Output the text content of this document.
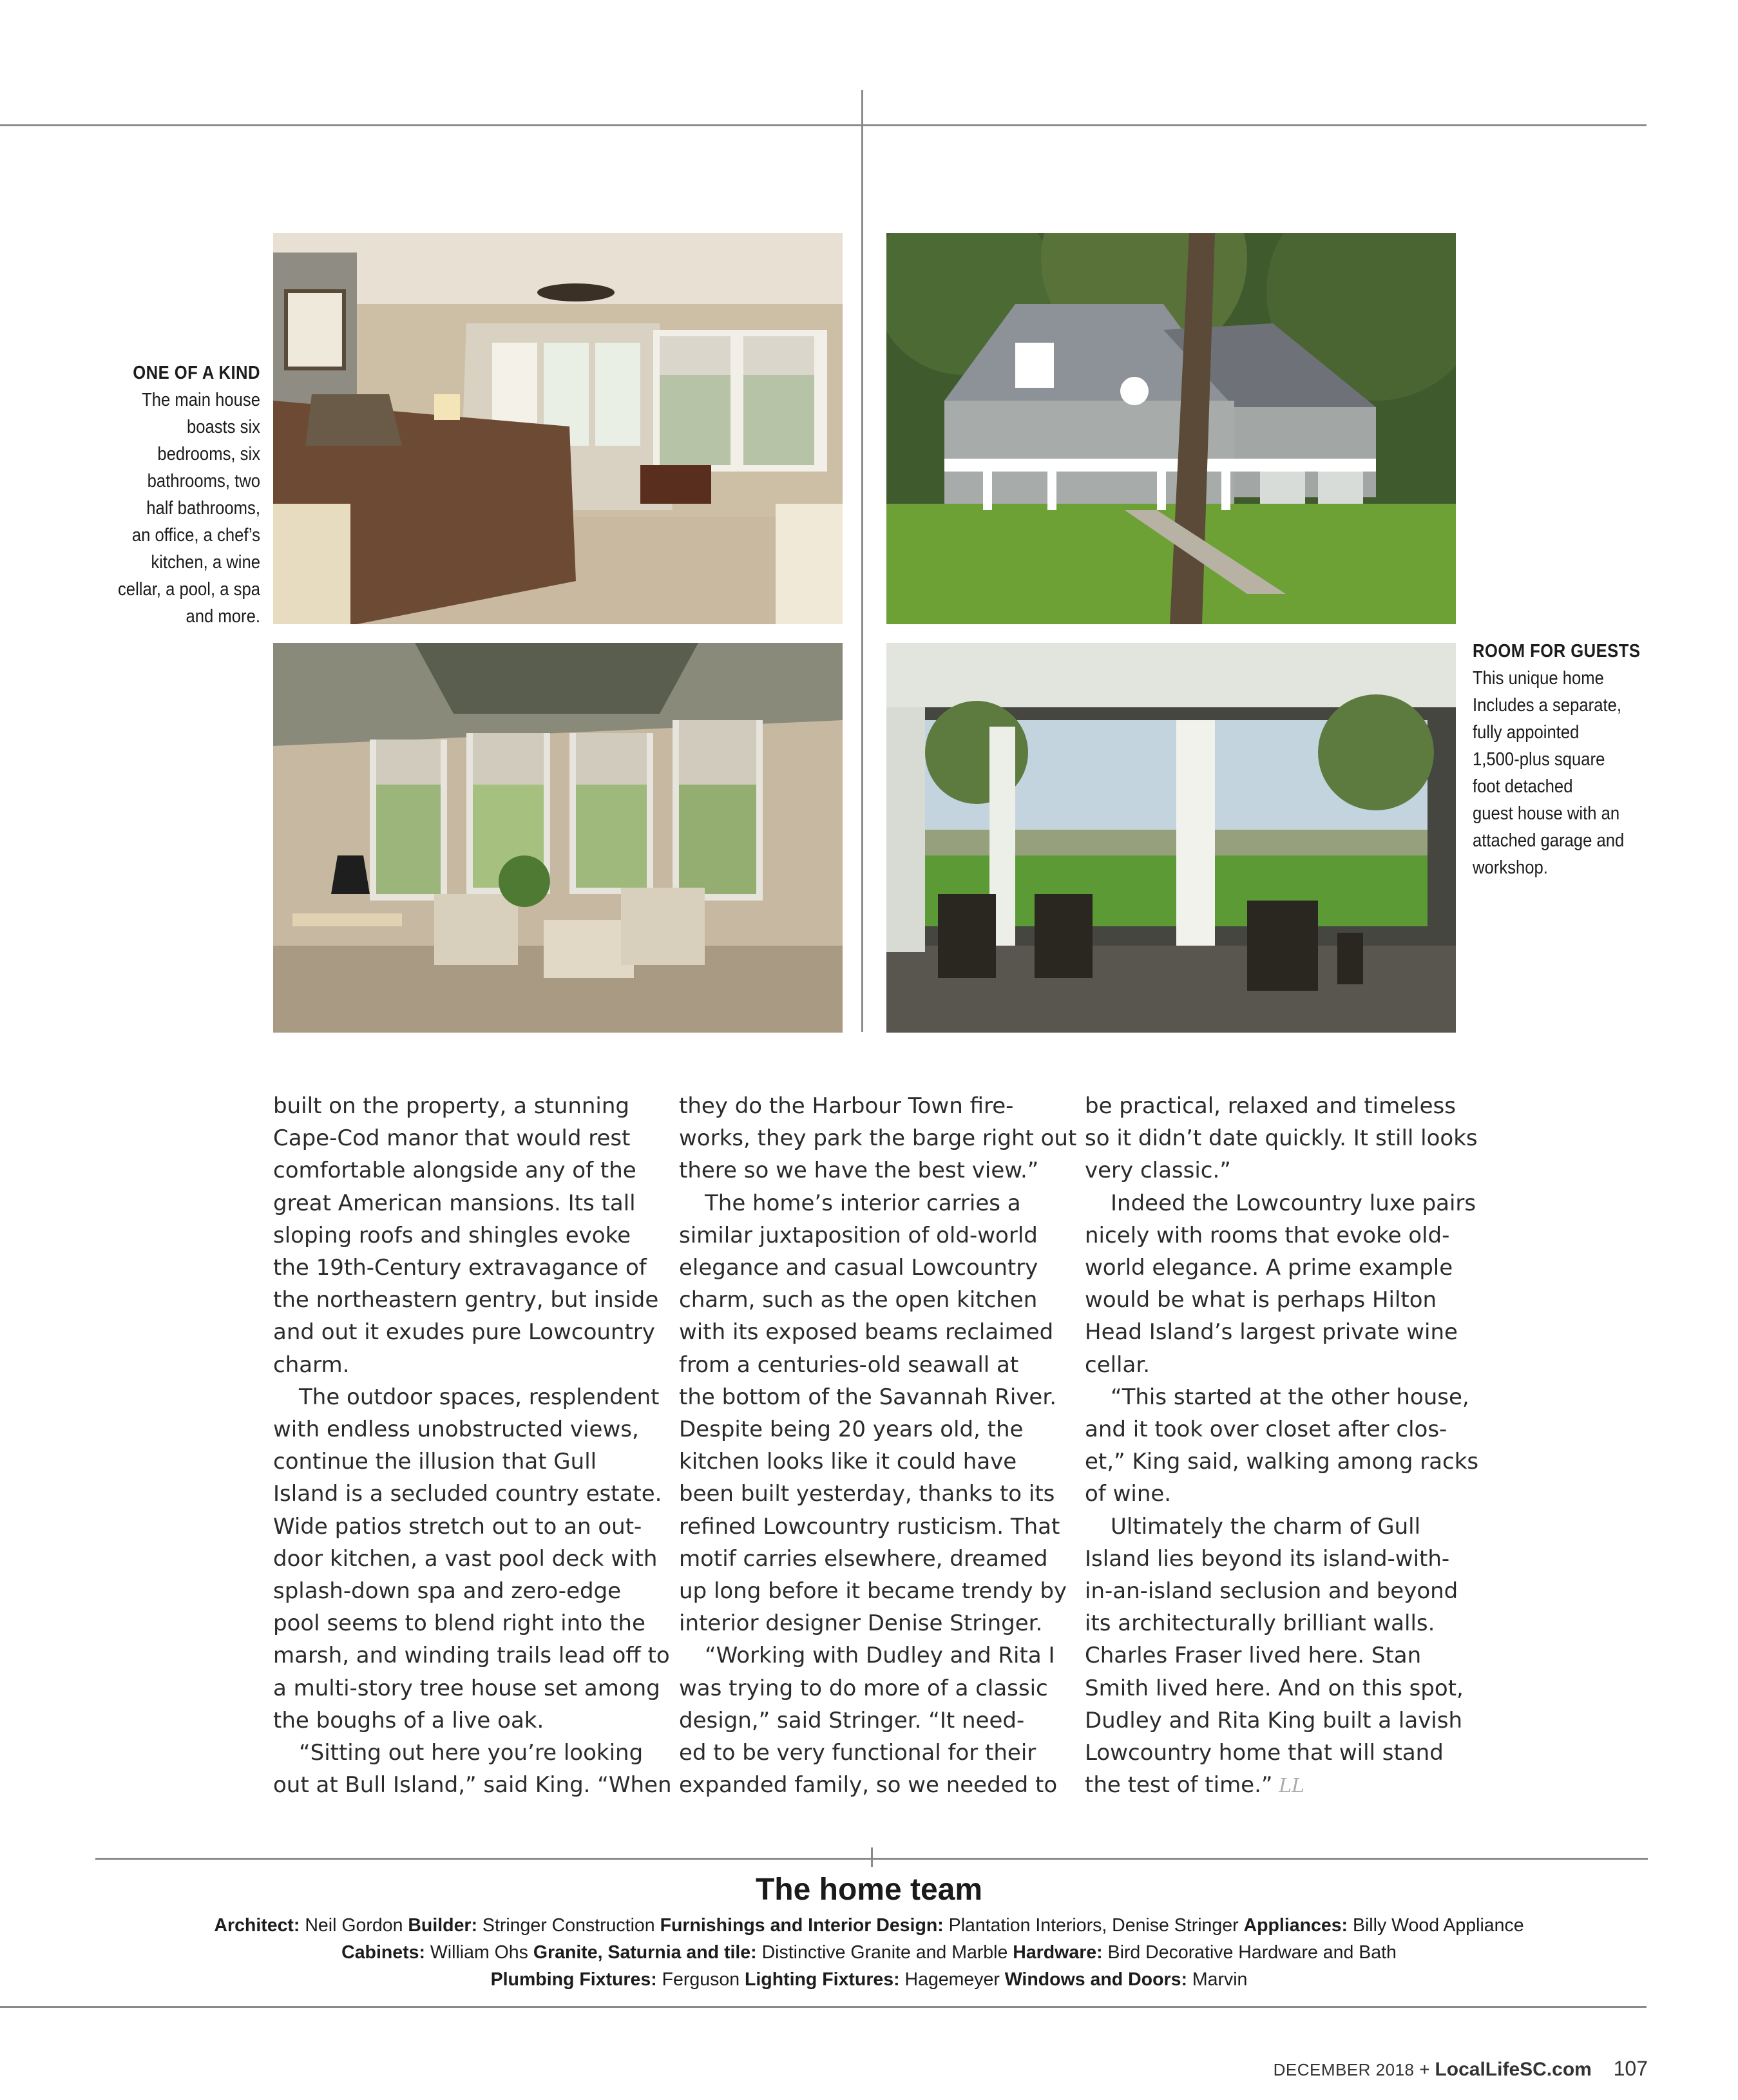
ONE OF A KIND
The main house
boasts six
bedrooms, six
bathrooms, two
half bathrooms,
an office, a chef’s
kitchen, a wine
cellar, a pool, a spa
and more.
ROOM FOR GUESTS
This unique home
Includes a separate,
fully appointed
1,500-plus square
foot detached
guest house with an
attached garage and
workshop.
built on the property, a stunning
Cape-Cod manor that would rest
comfortable alongside any of the
great American mansions. Its tall
sloping roofs and shingles evoke
the 19th-Century extravagance of
the northeastern gentry, but inside
and out it exudes pure Lowcountry
charm.
The outdoor spaces, resplendent
with endless unobstructed views,
continue the illusion that Gull
Island is a secluded country estate.
Wide patios stretch out to an out-
door kitchen, a vast pool deck with
splash-down spa and zero-edge
pool seems to blend right into the
marsh, and winding trails lead off to
a multi-story tree house set among
the boughs of a live oak.
“Sitting out here you’re looking
out at Bull Island,” said King. “When
they do the Harbour Town fire-
works, they park the barge right out
there so we have the best view.”
The home’s interior carries a
similar juxtaposition of old-world
elegance and casual Lowcountry
charm, such as the open kitchen
with its exposed beams reclaimed
from a centuries-old seawall at
the bottom of the Savannah River.
Despite being 20 years old, the
kitchen looks like it could have
been built yesterday, thanks to its
refined Lowcountry rusticism. That
motif carries elsewhere, dreamed
up long before it became trendy by
interior designer Denise Stringer.
“Working with Dudley and Rita I
was trying to do more of a classic
design,” said Stringer. “It need-
ed to be very functional for their
expanded family, so we needed to
be practical, relaxed and timeless
so it didn’t date quickly. It still looks
very classic.”
Indeed the Lowcountry luxe pairs
nicely with rooms that evoke old-
world elegance. A prime example
would be what is perhaps Hilton
Head Island’s largest private wine
cellar.
“This started at the other house,
and it took over closet after clos-
et,” King said, walking among racks
of wine.
Ultimately the charm of Gull
Island lies beyond its island-with-
in-an-island seclusion and beyond
its architecturally brilliant walls.
Charles Fraser lived here. Stan
Smith lived here. And on this spot,
Dudley and Rita King built a lavish
Lowcountry home that will stand
the test of time.” LL
The home team
Architect: Neil Gordon Builder: Stringer Construction Furnishings and Interior Design: Plantation Interiors, Denise Stringer Appliances: Billy Wood Appliance
Cabinets: William Ohs Granite, Saturnia and tile: Distinctive Granite and Marble Hardware: Bird Decorative Hardware and Bath
Plumbing Fixtures: Ferguson Lighting Fixtures: Hagemeyer Windows and Doors: Marvin
DECEMBER 2018 + LocalLifeSC.com 107
